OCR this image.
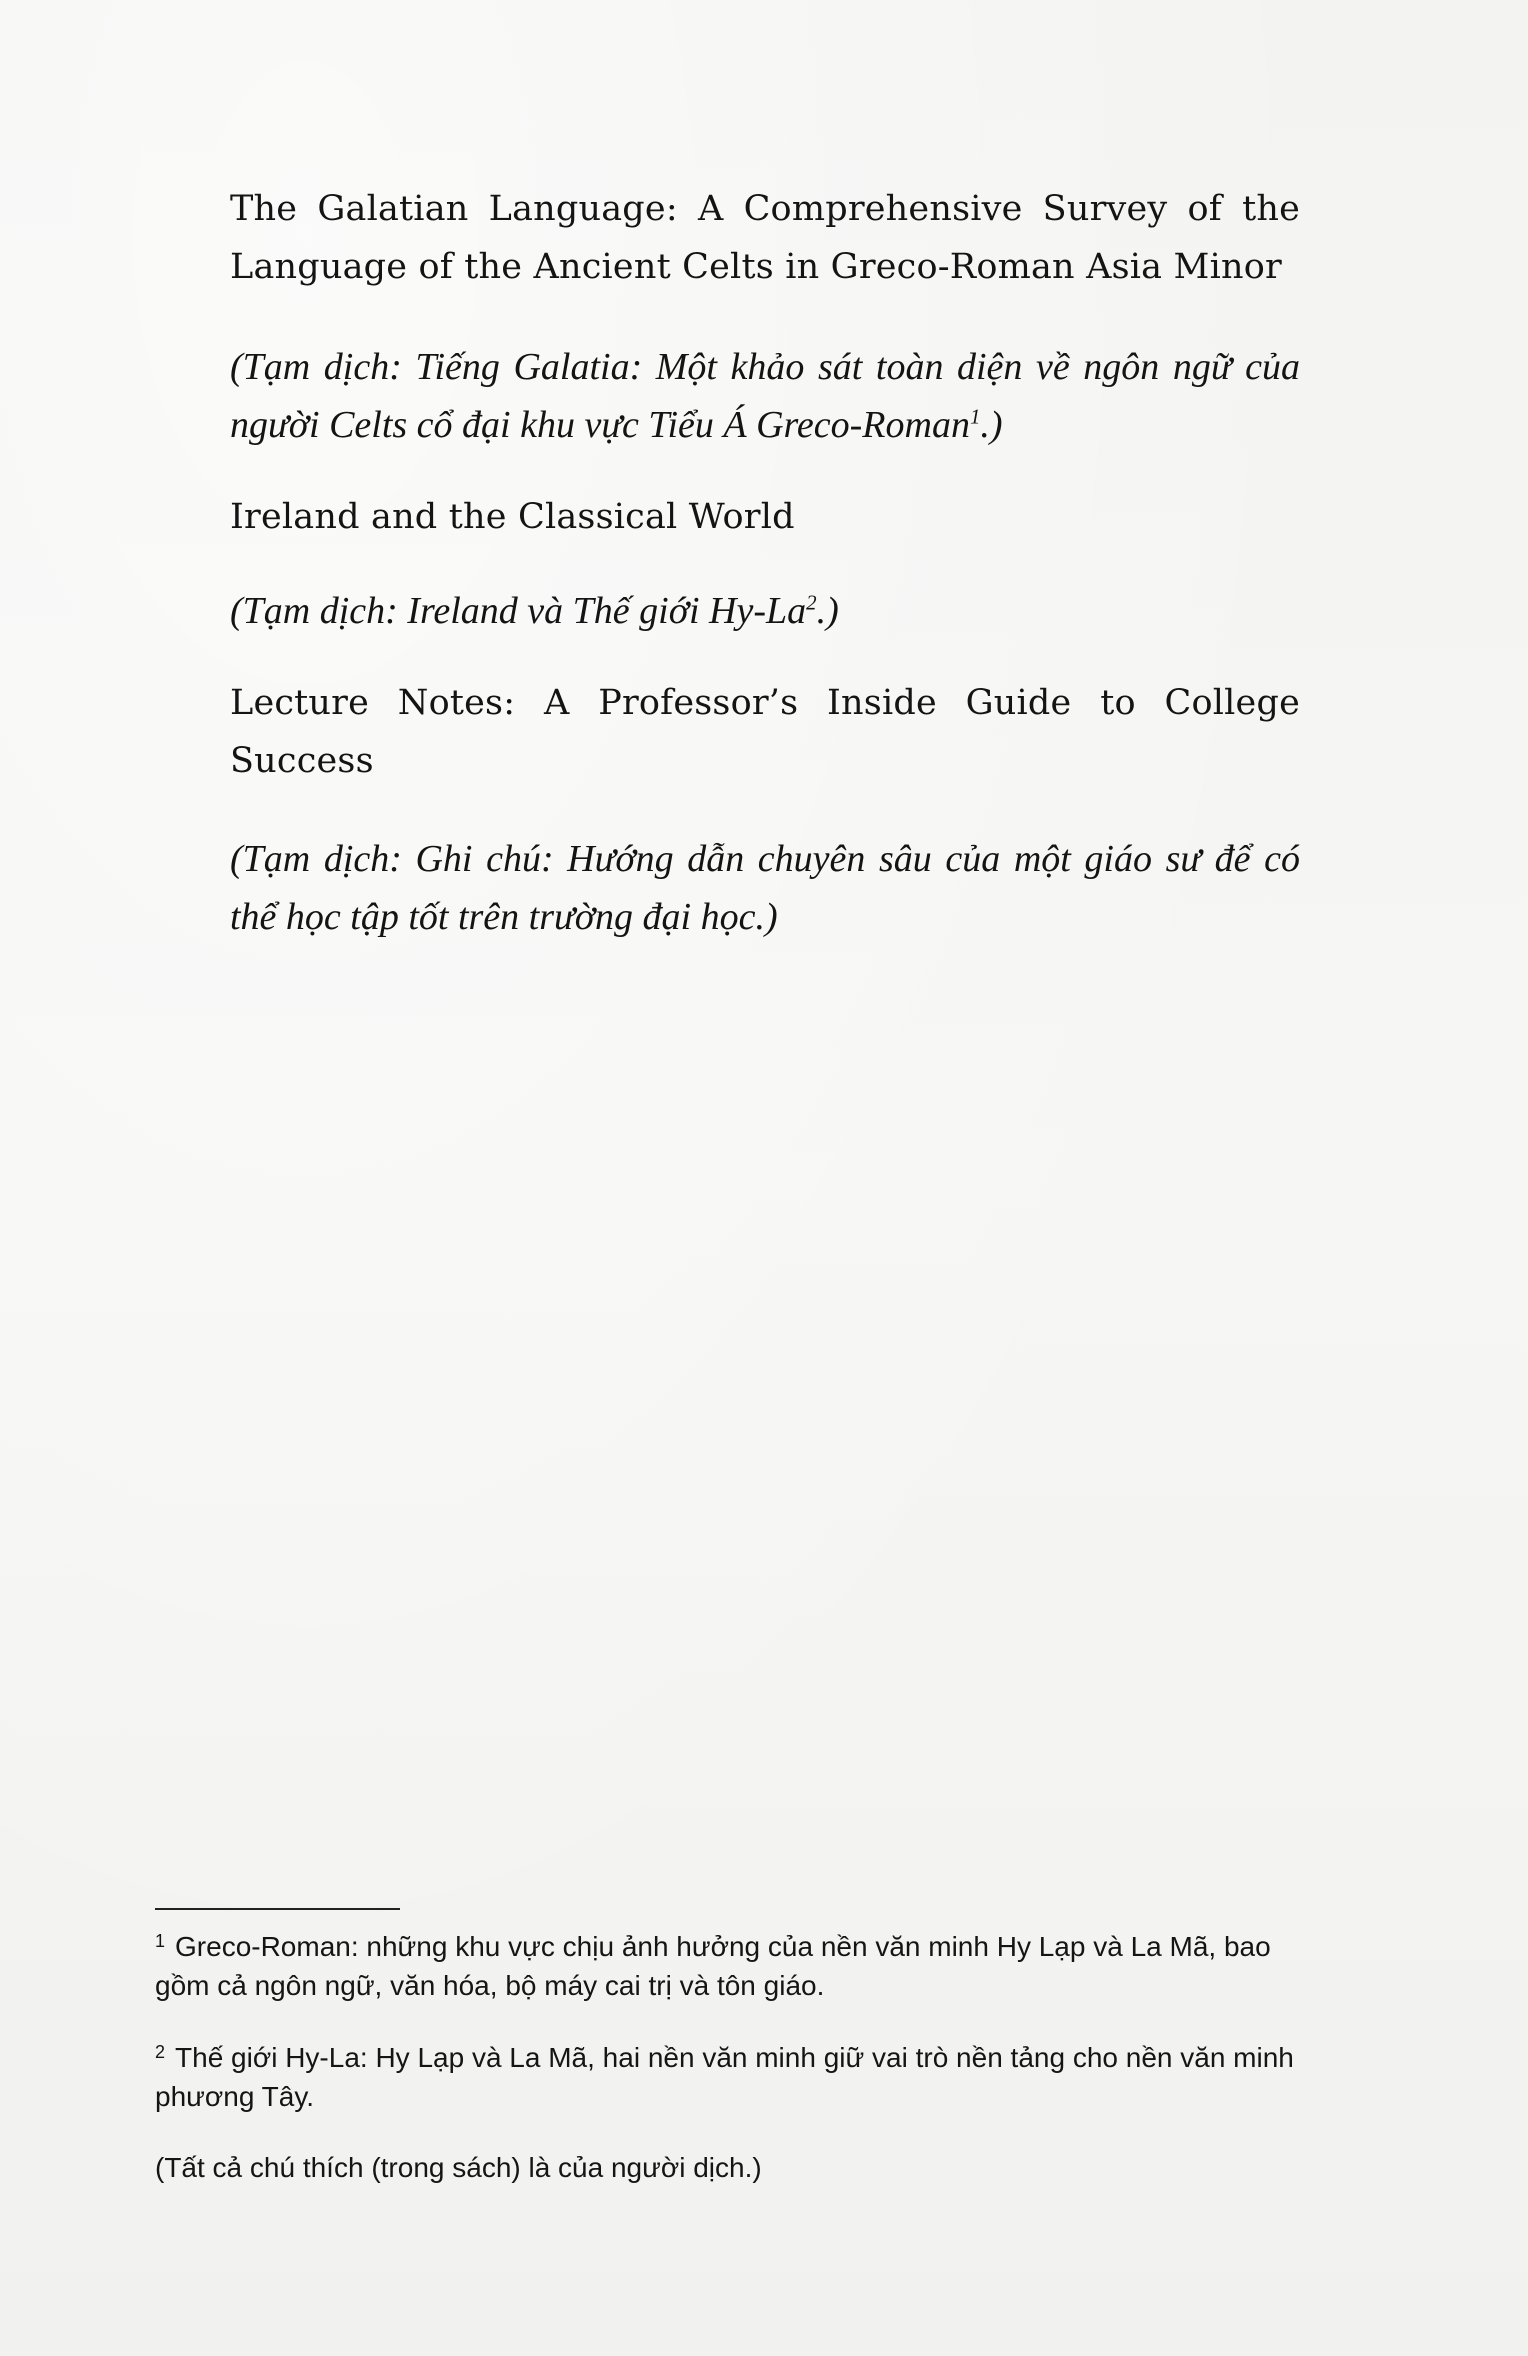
The Galatian Language: A Comprehensive Survey of the Language of the Ancient Celts in Greco-Roman Asia Minor

(Tạm dịch: Tiếng Galatia: Một khảo sát toàn diện về ngôn ngữ của người Celts cổ đại khu vực Tiểu Á Greco-Roman$^1$.)

Ireland and the Classical World

(Tạm dịch: Ireland và Thế giới Hy-La$^2$.)

Lecture Notes: A Professor’s Inside Guide to College Success

(Tạm dịch: Ghi chú: Hướng dẫn chuyên sâu của một giáo sư để có thể học tập tốt trên trường đại học.)

$^1$ Greco-Roman: những khu vực chịu ảnh hưởng của nền văn minh Hy Lạp và La Mã, bao gồm cả ngôn ngữ, văn hóa, bộ máy cai trị và tôn giáo.

$^2$ Thế giới Hy-La: Hy Lạp và La Mã, hai nền văn minh giữ vai trò nền tảng cho nền văn minh phương Tây.

(Tất cả chú thích (trong sách) là của người dịch.)
